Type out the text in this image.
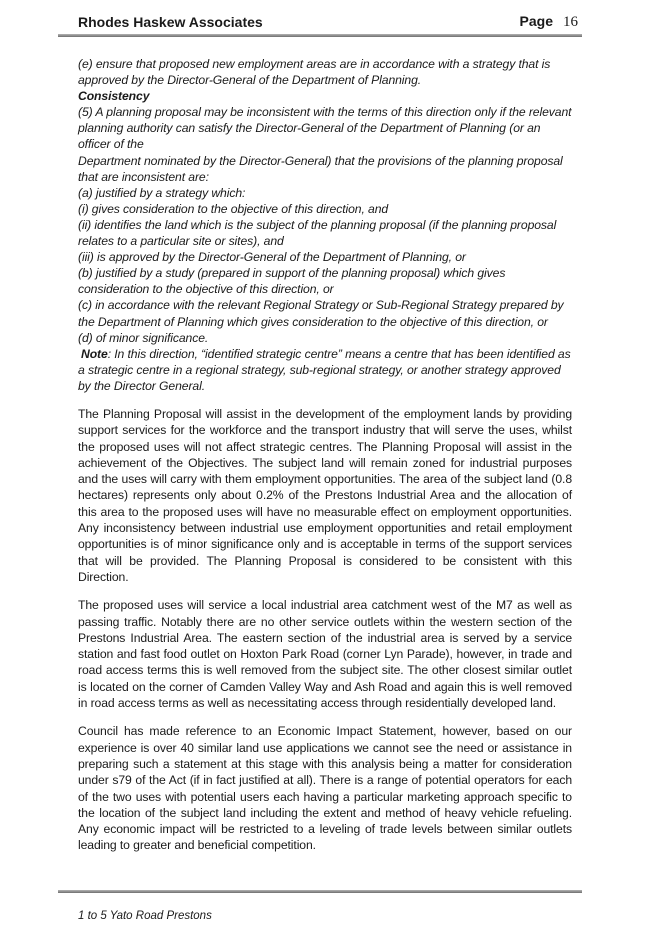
Rhodes Haskew Associates	Page 16

(e) ensure that proposed new employment areas are in accordance with a strategy that is approved by the Director-General of the Department of Planning.

Consistency

(5) A planning proposal may be inconsistent with the terms of this direction only if the relevant planning authority can satisfy the Director-General of the Department of Planning (or an officer of the

Department nominated by the Director-General) that the provisions of the planning proposal that are inconsistent are:

(a) justified by a strategy which:

(i) gives consideration to the objective of this direction, and

(ii) identifies the land which is the subject of the planning proposal (if the planning proposal relates to a particular site or sites), and

(iii) is approved by the Director-General of the Department of Planning, or

(b) justified by a study (prepared in support of the planning proposal) which gives consideration to the objective of this direction, or

(c) in accordance with the relevant Regional Strategy or Sub-Regional Strategy prepared by the Department of Planning which gives consideration to the objective of this direction, or

(d) of minor significance.

Note: In this direction, “identified strategic centre” means a centre that has been identified as a strategic centre in a regional strategy, sub-regional strategy, or another strategy approved by the Director General.

The Planning Proposal will assist in the development of the employment lands by providing support services for the workforce and the transport industry that will serve the uses, whilst the proposed uses will not affect strategic centres. The Planning Proposal will assist in the achievement of the Objectives. The subject land will remain zoned for industrial purposes and the uses will carry with them employment opportunities. The area of the subject land (0.8 hectares) represents only about 0.2% of the Prestons Industrial Area and the allocation of this area to the proposed uses will have no measurable effect on employment opportunities. Any inconsistency between industrial use employment opportunities and retail employment opportunities is of minor significance only and is acceptable in terms of the support services that will be provided. The Planning Proposal is considered to be consistent with this Direction.

The proposed uses will service a local industrial area catchment west of the M7 as well as passing traffic. Notably there are no other service outlets within the western section of the Prestons Industrial Area. The eastern section of the industrial area is served by a service station and fast food outlet on Hoxton Park Road (corner Lyn Parade), however, in trade and road access terms this is well removed from the subject site. The other closest similar outlet is located on the corner of Camden Valley Way and Ash Road and again this is well removed in road access terms as well as necessitating access through residentially developed land.

Council has made reference to an Economic Impact Statement, however, based on our experience is over 40 similar land use applications we cannot see the need or assistance in preparing such a statement at this stage with this analysis being a matter for consideration under s79 of the Act (if in fact justified at all). There is a range of potential operators for each of the two uses with potential users each having a particular marketing approach specific to the location of the subject land including the extent and method of heavy vehicle refueling. Any economic impact will be restricted to a leveling of trade levels between similar outlets leading to greater and beneficial competition.

1 to 5 Yato Road Prestons
